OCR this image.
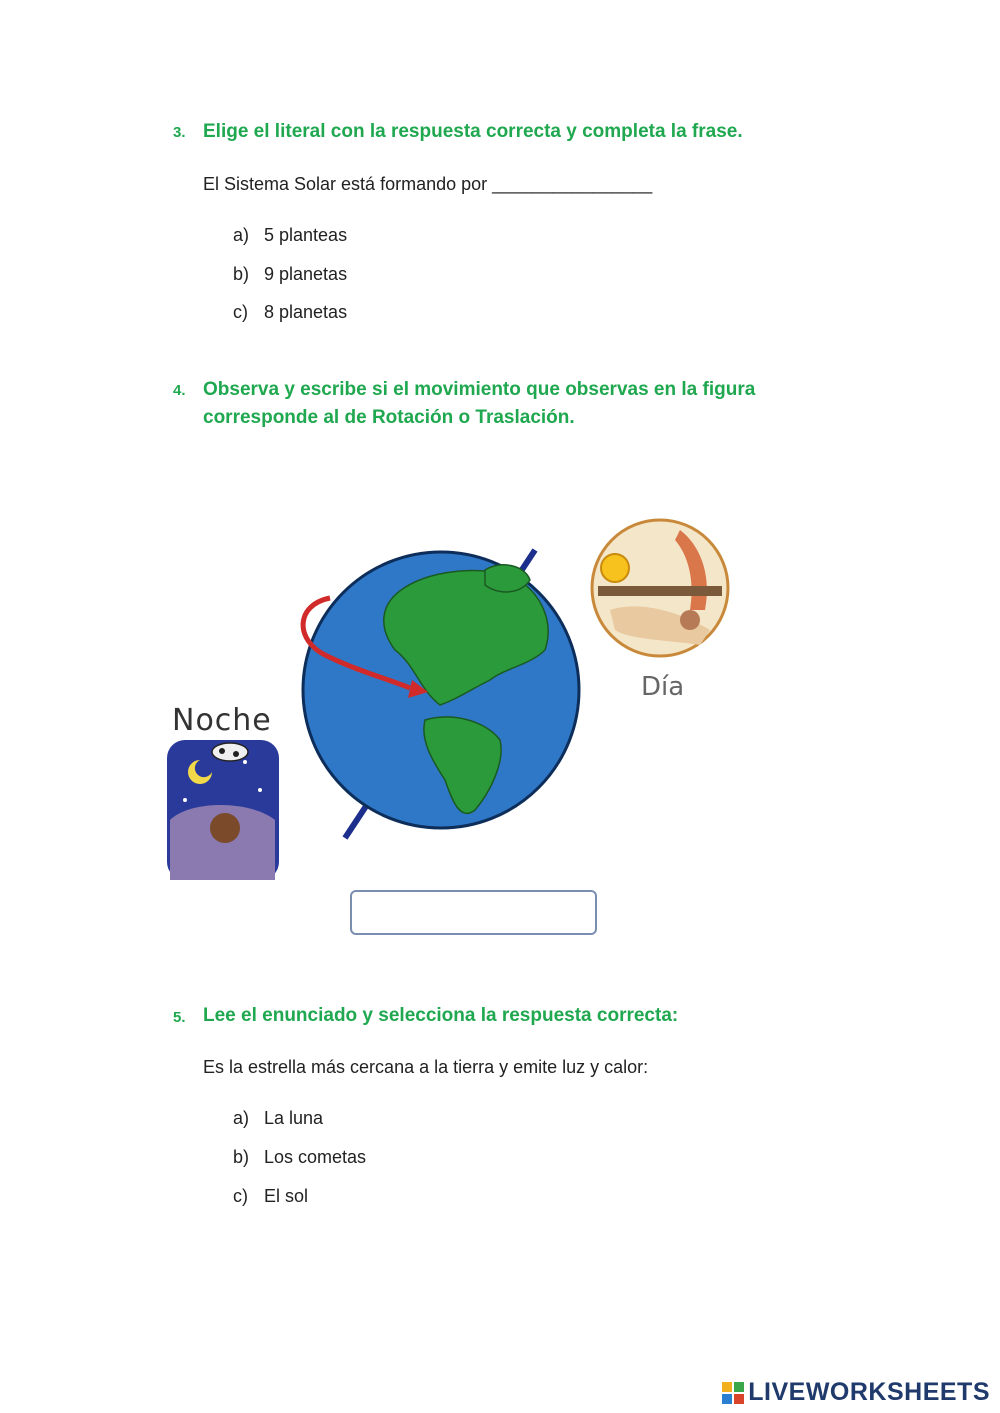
3. Elige el literal con la respuesta correcta y completa la frase.
El Sistema Solar está formando por ________________
a) 5 planteas
b) 9 planetas
c) 8 planetas
4. Observa y escribe si el movimiento que observas en la figura
corresponde al de Rotación o Traslación.
Noche
Día
5. Lee el enunciado y selecciona la respuesta correcta:
Es la estrella más cercana a la tierra y emite luz y calor:
a) La luna
b) Los cometas
c) El sol
LIVEWORKSHEETS
